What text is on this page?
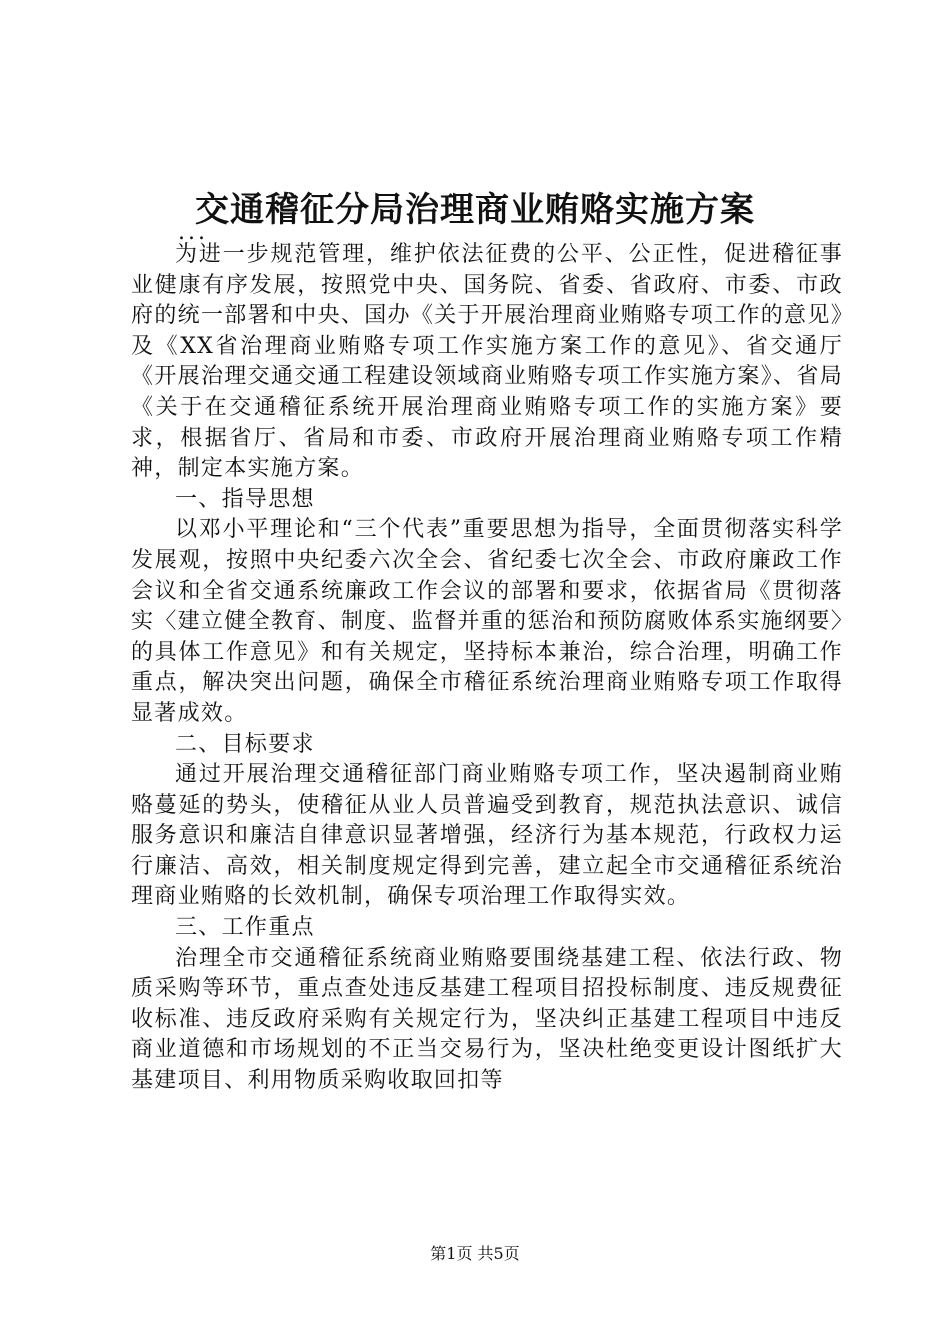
交通稽征分局治理商业贿赂实施方案

...

为进一步规范管理，维护依法征费的公平、公正性，促进稽征事业健康有序发展，按照党中央、国务院、省委、省政府、市委、市政府的统一部署和中央、国办《关于开展治理商业贿赂专项工作的意见》及《XX省治理商业贿赂专项工作实施方案工作的意见》、省交通厅《开展治理交通交通工程建设领域商业贿赂专项工作实施方案》、省局《关于在交通稽征系统开展治理商业贿赂专项工作的实施方案》要求，根据省厅、省局和市委、市政府开展治理商业贿赂专项工作精神，制定本实施方案。

一、指导思想

以邓小平理论和“三个代表”重要思想为指导，全面贯彻落实科学发展观，按照中央纪委六次全会、省纪委七次全会、市政府廉政工作会议和全省交通系统廉政工作会议的部署和要求，依据省局《贯彻落实〈建立健全教育、制度、监督并重的惩治和预防腐败体系实施纲要〉的具体工作意见》和有关规定，坚持标本兼治，综合治理，明确工作重点，解决突出问题，确保全市稽征系统治理商业贿赂专项工作取得显著成效。

二、目标要求

通过开展治理交通稽征部门商业贿赂专项工作，坚决遏制商业贿赂蔓延的势头，使稽征从业人员普遍受到教育，规范执法意识、诚信服务意识和廉洁自律意识显著增强，经济行为基本规范，行政权力运行廉洁、高效，相关制度规定得到完善，建立起全市交通稽征系统治理商业贿赂的长效机制，确保专项治理工作取得实效。

三、工作重点

治理全市交通稽征系统商业贿赂要围绕基建工程、依法行政、物质采购等环节，重点查处违反基建工程项目招投标制度、违反规费征收标准、违反政府采购有关规定行为，坚决纠正基建工程项目中违反商业道德和市场规划的不正当交易行为，坚决杜绝变更设计图纸扩大基建项目、利用物质采购收取回扣等

第1页 共5页
